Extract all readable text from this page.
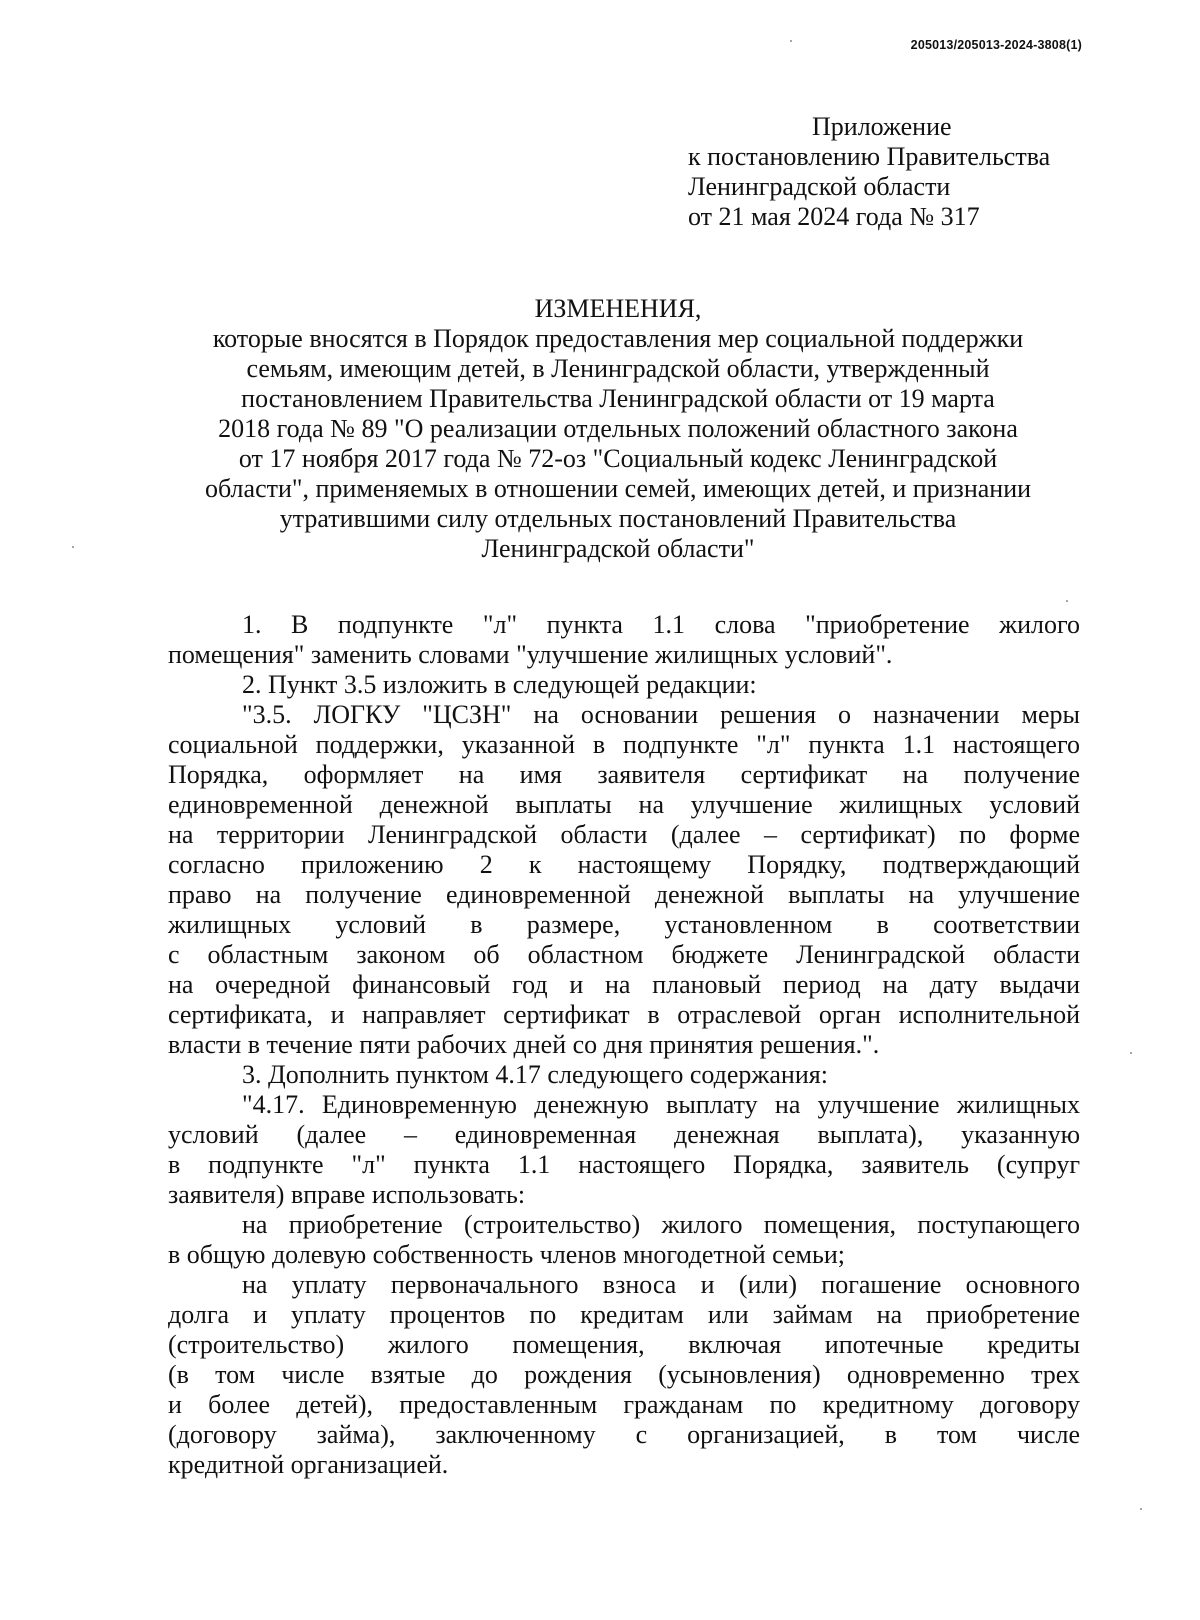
205013/205013-2024-3808(1)
Приложение
к постановлению Правительства
Ленинградской области
от 21 мая 2024 года № 317
ИЗМЕНЕНИЯ,
которые вносятся в Порядок предоставления мер социальной поддержки
семьям, имеющим детей, в Ленинградской области, утвержденный
постановлением Правительства Ленинградской области от 19 марта
2018 года № 89 "О реализации отдельных положений областного закона
от 17 ноября 2017 года № 72-оз "Социальный кодекс Ленинградской
области", применяемых в отношении семей, имеющих детей, и признании
утратившими силу отдельных постановлений Правительства
Ленинградской области"
1. В подпункте "л" пункта 1.1 слова "приобретение жилого
помещения" заменить словами "улучшение жилищных условий".
2. Пункт 3.5 изложить в следующей редакции:
"3.5. ЛОГКУ "ЦСЗН" на основании решения о назначении меры
социальной поддержки, указанной в подпункте "л" пункта 1.1 настоящего
Порядка, оформляет на имя заявителя сертификат на получение
единовременной денежной выплаты на улучшение жилищных условий
на территории Ленинградской области (далее – сертификат) по форме
согласно приложению 2 к настоящему Порядку, подтверждающий
право на получение единовременной денежной выплаты на улучшение
жилищных условий в размере, установленном в соответствии
с областным законом об областном бюджете Ленинградской области
на очередной финансовый год и на плановый период на дату выдачи
сертификата, и направляет сертификат в отраслевой орган исполнительной
власти в течение пяти рабочих дней со дня принятия решения.".
3. Дополнить пунктом 4.17 следующего содержания:
"4.17. Единовременную денежную выплату на улучшение жилищных
условий (далее – единовременная денежная выплата), указанную
в подпункте "л" пункта 1.1 настоящего Порядка, заявитель (супруг
заявителя) вправе использовать:
на приобретение (строительство) жилого помещения, поступающего
в общую долевую собственность членов многодетной семьи;
на уплату первоначального взноса и (или) погашение основного
долга и уплату процентов по кредитам или займам на приобретение
(строительство) жилого помещения, включая ипотечные кредиты
(в том числе взятые до рождения (усыновления) одновременно трех
и более детей), предоставленным гражданам по кредитному договору
(договору займа), заключенному с организацией, в том числе
кредитной организацией.
